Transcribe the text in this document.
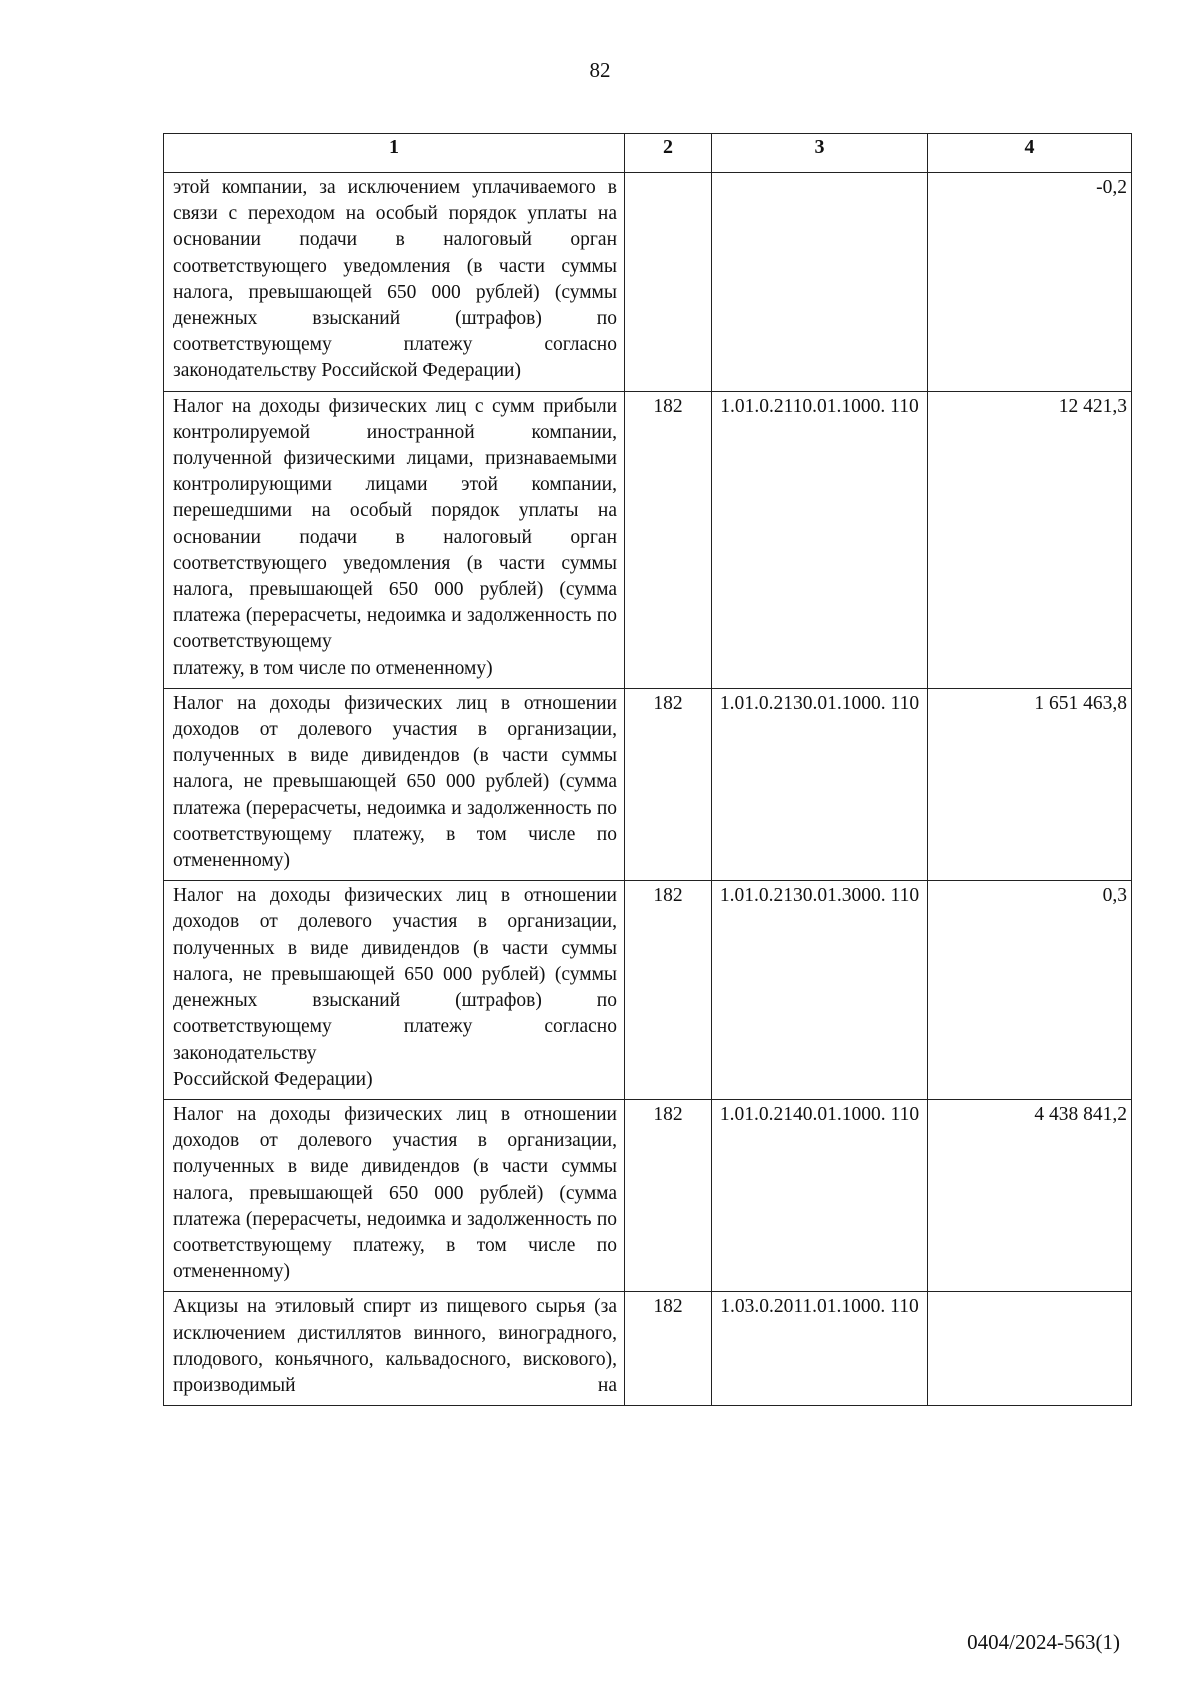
82
1	2	3	4
этой компании, за исключением уплачиваемого в связи с переходом на особый порядок уплаты на основании подачи в налоговый орган соответствующего уведомления (в части суммы налога, превышающей 650 000 рублей) (суммы денежных взысканий (штрафов) по соответствующему платежу согласно
законодательству Российской Федерации)			-0,2
Налог на доходы физических лиц с сумм прибыли контролируемой иностранной компании, полученной физическими лицами, признаваемыми контролирующими лицами этой компании, перешедшими на особый порядок уплаты на основании подачи в налоговый орган соответствующего уведомления (в части суммы налога, превышающей 650 000 рублей) (сумма платежа (перерасчеты, недоимка и задолженность по соответствующему
платежу, в том числе по отмененному)	182	1.01.0.2110.01.1000. 110	12 421,3
Налог на доходы физических лиц в отношении доходов от долевого участия в организации, полученных в виде дивидендов (в части суммы налога, не превышающей 650 000 рублей) (сумма платежа (перерасчеты, недоимка и задолженность по соответствующему платежу, в том числе по
отмененному)	182	1.01.0.2130.01.1000. 110	1 651 463,8
Налог на доходы физических лиц в отношении доходов от долевого участия в организации, полученных в виде дивидендов (в части суммы налога, не превышающей 650 000 рублей) (суммы денежных взысканий (штрафов) по соответствующему платежу согласно законодательству
Российской Федерации)	182	1.01.0.2130.01.3000. 110	0,3
Налог на доходы физических лиц в отношении доходов от долевого участия в организации, полученных в виде дивидендов (в части суммы налога, превышающей 650 000 рублей) (сумма платежа (перерасчеты, недоимка и задолженность по соответствующему платежу, в том числе по
отмененному)	182	1.01.0.2140.01.1000. 110	4 438 841,2
Акцизы на этиловый спирт из пищевого сырья (за исключением дистиллятов винного, виноградного, плодового, коньячного, кальвадосного, вискового), производимый на	182	1.03.0.2011.01.1000. 110	
0404/2024-563(1)
